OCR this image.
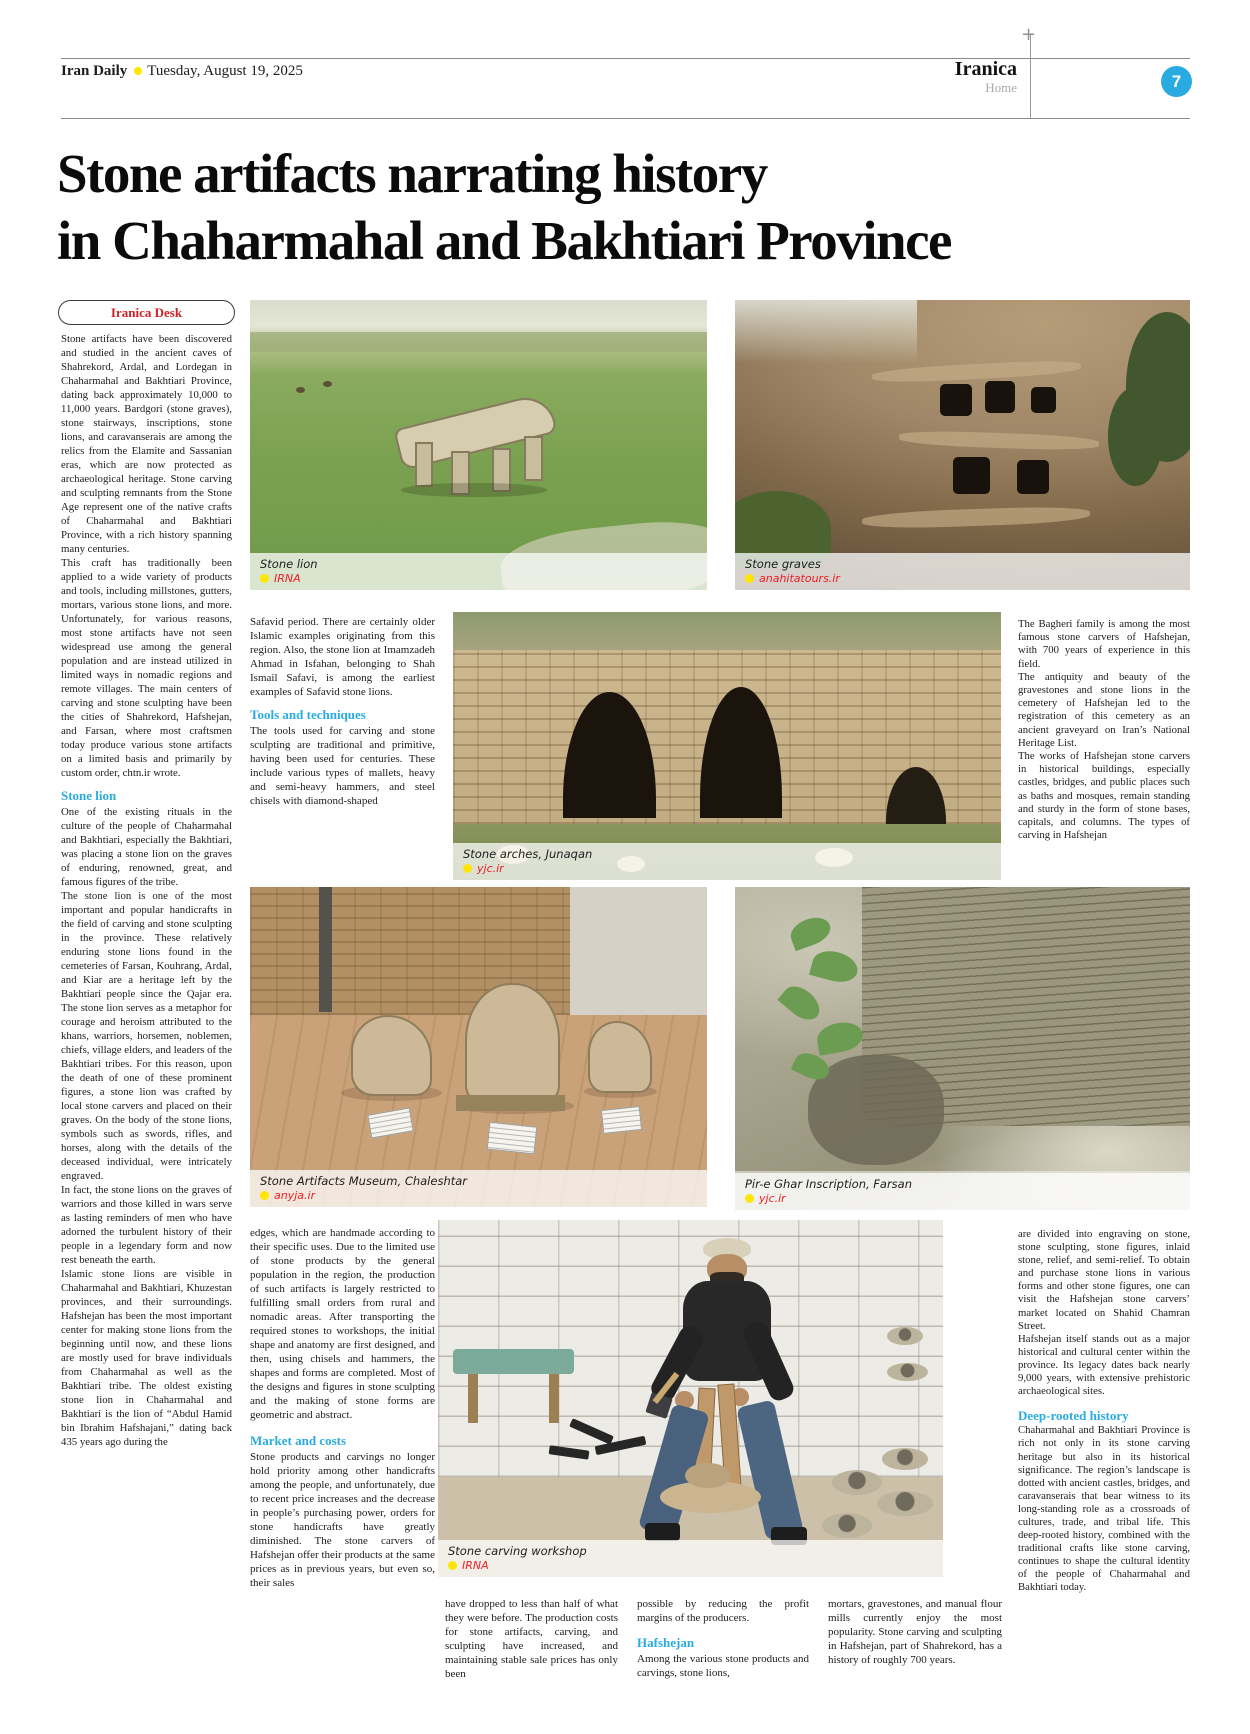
Iran Daily Tuesday, August 19, 2025	Iranica
Home
+
7
Stone artifacts narrating history
in Chaharmahal and Bakhtiari Province
Iranica Desk

Stone artifacts have been discovered and studied in the ancient caves of Shahrekord, Ardal, and Lordegan in Chaharmahal and Bakhtiari Province, dating back approximately 10,000 to 11,000 years. Bardgori (stone graves), stone stairways, inscriptions, stone lions, and caravanserais are among the relics from the Elamite and Sassanian eras, which are now protected as archaeological heritage. Stone carving and sculpting remnants from the Stone Age represent one of the native crafts of Chaharmahal and Bakhtiari Province, with a rich history spanning many centuries.

This craft has traditionally been applied to a wide variety of products and tools, including millstones, gutters, mortars, various stone lions, and more. Unfortunately, for various reasons, most stone artifacts have not seen widespread use among the general population and are instead utilized in limited ways in nomadic regions and remote villages. The main centers of carving and stone sculpting have been the cities of Shahrekord, Hafshejan, and Farsan, where most craftsmen today produce various stone artifacts on a limited basis and primarily by custom order, chtn.ir wrote.

Stone lion

One of the existing rituals in the culture of the people of Chaharmahal and Bakhtiari, especially the Bakhtiari, was placing a stone lion on the graves of enduring, renowned, great, and famous figures of the tribe.

The stone lion is one of the most important and popular handicrafts in the field of carving and stone sculpting in the province. These relatively enduring stone lions found in the cemeteries of Farsan, Kouhrang, Ardal, and Kiar are a heritage left by the Bakhtiari people since the Qajar era. The stone lion serves as a metaphor for courage and heroism attributed to the khans, warriors, horsemen, noblemen, chiefs, village elders, and leaders of the Bakhtiari tribes. For this reason, upon the death of one of these prominent figures, a stone lion was crafted by local stone carvers and placed on their graves. On the body of the stone lions, symbols such as swords, rifles, and horses, along with the details of the deceased individual, were intricately engraved.

In fact, the stone lions on the graves of warriors and those killed in wars serve as lasting reminders of men who have adorned the turbulent history of their people in a legendary form and now rest beneath the earth.

Islamic stone lions are visible in Chaharmahal and Bakhtiari, Khuzestan provinces, and their surroundings. Hafshejan has been the most important center for making stone lions from the beginning until now, and these lions are mostly used for brave individuals from Chaharmahal as well as the Bakhtiari tribe. The oldest existing stone lion in Chaharmahal and Bakhtiari is the lion of “Abdul Hamid bin Ibrahim Hafshajani,” dating back 435 years ago during the

Stone lion
IRNA
Stone graves
anahitatours.ir

Safavid period. There are certainly older Islamic examples originating from this region. Also, the stone lion at Imamzadeh Ahmad in Isfahan, belonging to Shah Ismail Safavi, is among the earliest examples of Safavid stone lions.

Tools and techniques

The tools used for carving and stone sculpting are traditional and primitive, having been used for centuries. These include various types of mallets, heavy and semi-heavy hammers, and steel chisels with diamond-shaped

Stone arches, Junaqan
yjc.ir

The Bagheri family is among the most famous stone carvers of Hafshejan, with 700 years of experience in this field.

The antiquity and beauty of the gravestones and stone lions in the cemetery of Hafshejan led to the registration of this cemetery as an ancient graveyard on Iran’s National Heritage List.

The works of Hafshejan stone carvers in historical buildings, especially castles, bridges, and public places such as baths and mosques, remain standing and sturdy in the form of stone bases, capitals, and columns. The types of carving in Hafshejan

Stone Artifacts Museum, Chaleshtar
anyja.ir
Pir-e Ghar Inscription, Farsan
yjc.ir

edges, which are handmade according to their specific uses. Due to the limited use of stone products by the general population in the region, the production of such artifacts is largely restricted to fulfilling small orders from rural and nomadic areas. After transporting the required stones to workshops, the initial shape and anatomy are first designed, and then, using chisels and hammers, the shapes and forms are completed. Most of the designs and figures in stone sculpting and the making of stone forms are geometric and abstract.

Market and costs

Stone products and carvings no longer hold priority among other handicrafts among the people, and unfortunately, due to recent price increases and the decrease in people’s purchasing power, orders for stone handicrafts have greatly diminished. The stone carvers of Hafshejan offer their products at the same prices as in previous years, but even so, their sales

are divided into engraving on stone, stone sculpting, stone figures, inlaid stone, relief, and semi-relief. To obtain and purchase stone lions in various forms and other stone figures, one can visit the Hafshejan stone carvers’ market located on Shahid Chamran Street.

Hafshejan itself stands out as a major historical and cultural center within the province. Its legacy dates back nearly 9,000 years, with extensive prehistoric archaeological sites.

Deep-rooted history

Chaharmahal and Bakhtiari Province is rich not only in its stone carving heritage but also in its historical significance. The region’s landscape is dotted with ancient castles, bridges, and caravanserais that bear witness to its long-standing role as a crossroads of cultures, trade, and tribal life. This deep-rooted history, combined with the traditional crafts like stone carving, continues to shape the cultural identity of the people of Chaharmahal and Bakhtiari today.

Stone carving workshop
IRNA

have dropped to less than half of what they were before. The production costs for stone artifacts, carving, and sculpting have increased, and maintaining stable sale prices has only been

possible by reducing the profit margins of the producers.

Hafshejan

Among the various stone products and carvings, stone lions,

mortars, gravestones, and manual flour mills currently enjoy the most popularity. Stone carving and sculpting in Hafshejan, part of Shahrekord, has a history of roughly 700 years.
